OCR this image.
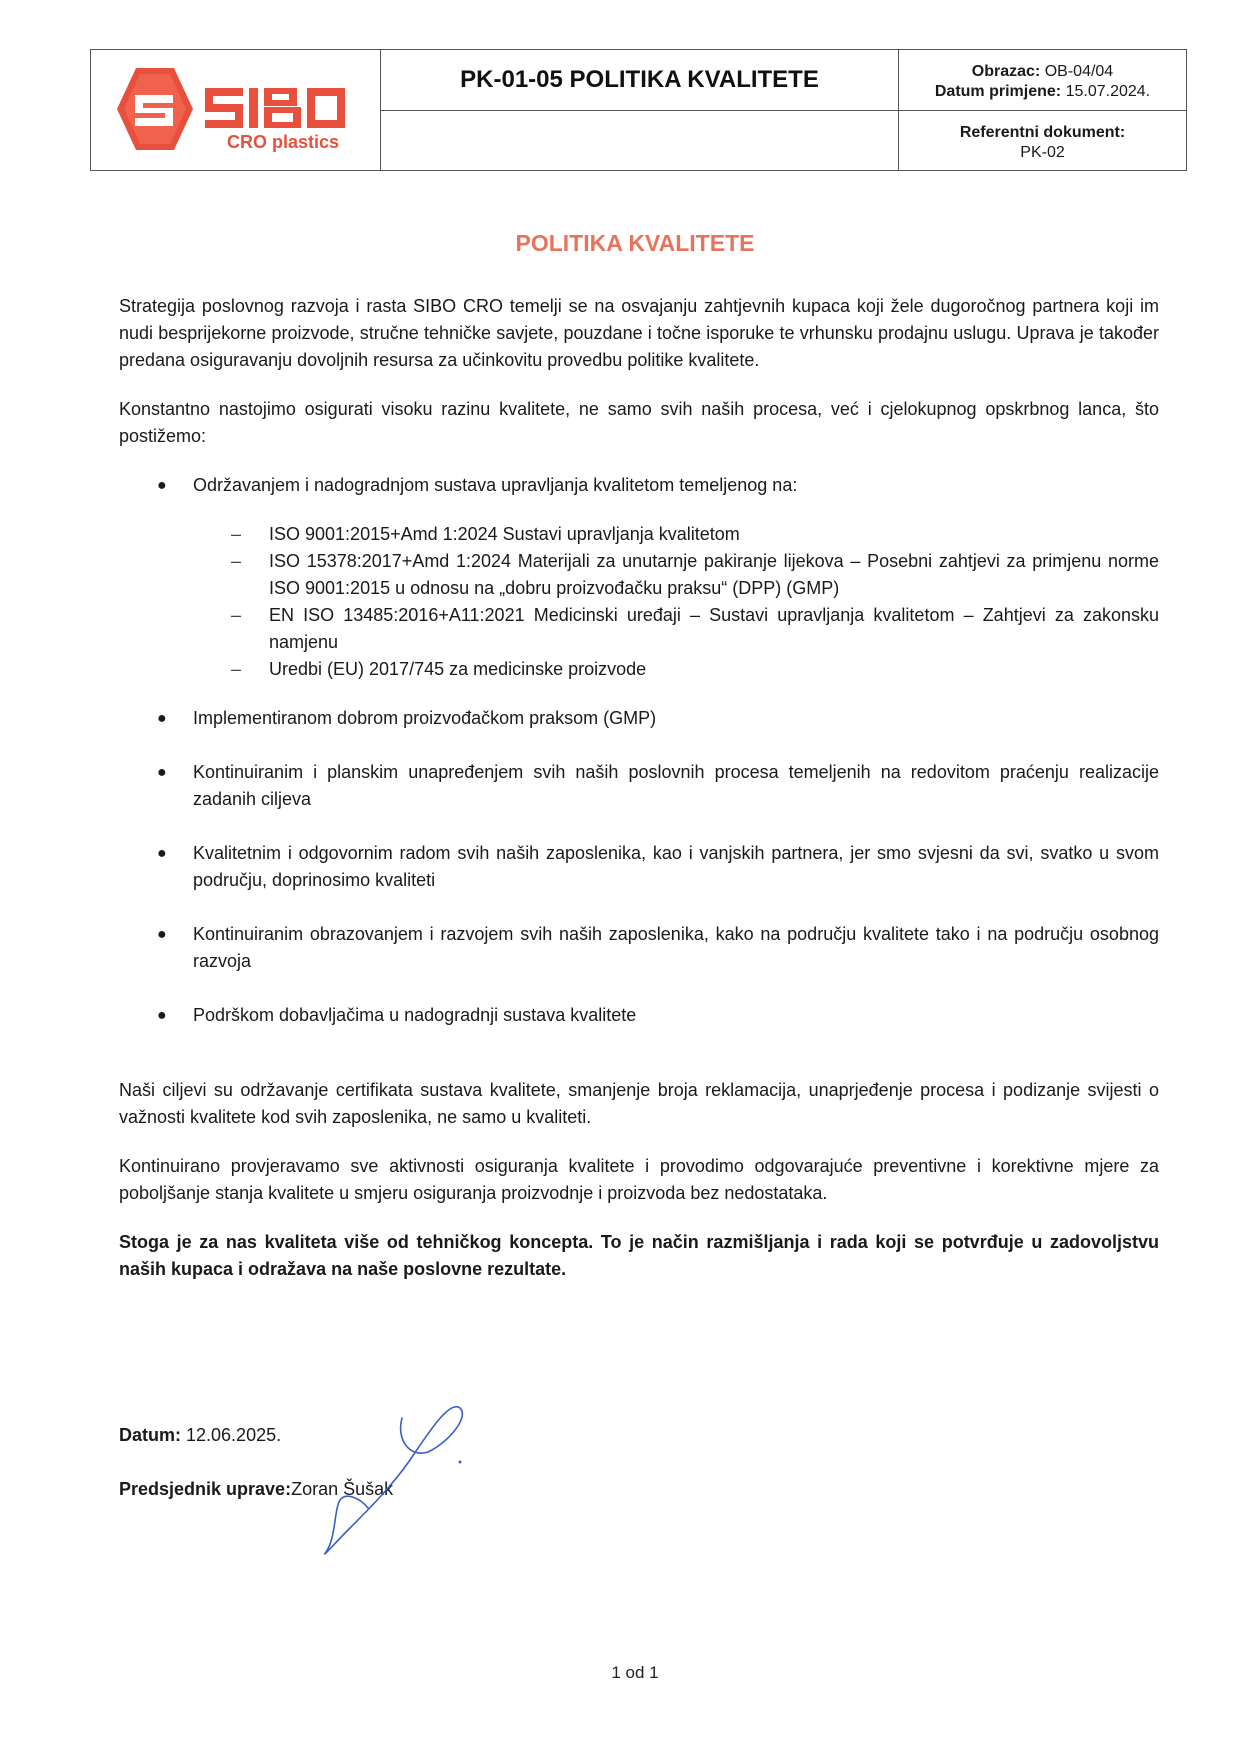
CRO plastics
PK-01-05 POLITIKA KVALITETE	Obrazac: OB-04/04
Datum primjene: 15.07.2024.
Referentni dokument:
PK-02
POLITIKA KVALITETE

Strategija poslovnog razvoja i rasta SIBO CRO temelji se na osvajanju zahtjevnih kupaca koji žele dugoročnog partnera koji im nudi besprijekorne proizvode, stručne tehničke savjete, pouzdane i točne isporuke te vrhunsku prodajnu uslugu. Uprava je također predana osiguravanju dovoljnih resursa za učinkovitu provedbu politike kvalitete.

Konstantno nastojimo osigurati visoku razinu kvalitete, ne samo svih naših procesa, već i cjelokupnog opskrbnog lanca, što postižemo:

● Održavanjem i nadogradnjom sustava upravljanja kvalitetom temeljenog na:
– ISO 9001:2015+Amd 1:2024 Sustavi upravljanja kvalitetom
– ISO 15378:2017+Amd 1:2024 Materijali za unutarnje pakiranje lijekova – Posebni zahtjevi za primjenu norme ISO 9001:2015 u odnosu na „dobru proizvođačku praksu“ (DPP) (GMP)
– EN ISO 13485:2016+A11:2021 Medicinski uređaji – Sustavi upravljanja kvalitetom – Zahtjevi za zakonsku namjenu
– Uredbi (EU) 2017/745 za medicinske proizvode
● Implementiranom dobrom proizvođačkom praksom (GMP)
● Kontinuiranim i planskim unapređenjem svih naših poslovnih procesa temeljenih na redovitom praćenju realizacije zadanih ciljeva
● Kvalitetnim i odgovornim radom svih naših zaposlenika, kao i vanjskih partnera, jer smo svjesni da svi, svatko u svom području, doprinosimo kvaliteti
● Kontinuiranim obrazovanjem i razvojem svih naših zaposlenika, kako na području kvalitete tako i na području osobnog razvoja
● Podrškom dobavljačima u nadogradnji sustava kvalitete

Naši ciljevi su održavanje certifikata sustava kvalitete, smanjenje broja reklamacija, unaprjeđenje procesa i podizanje svijesti o važnosti kvalitete kod svih zaposlenika, ne samo u kvaliteti.

Kontinuirano provjeravamo sve aktivnosti osiguranja kvalitete i provodimo odgovarajuće preventivne i korektivne mjere za poboljšanje stanja kvalitete u smjeru osiguranja proizvodnje i proizvoda bez nedostataka.

Stoga je za nas kvaliteta više od tehničkog koncepta. To je način razmišljanja i rada koji se potvrđuje u zadovoljstvu naših kupaca i odražava na naše poslovne rezultate.

Datum: 12.06.2025.
Predsjednik uprave:Zoran Šušak
1 od 1
